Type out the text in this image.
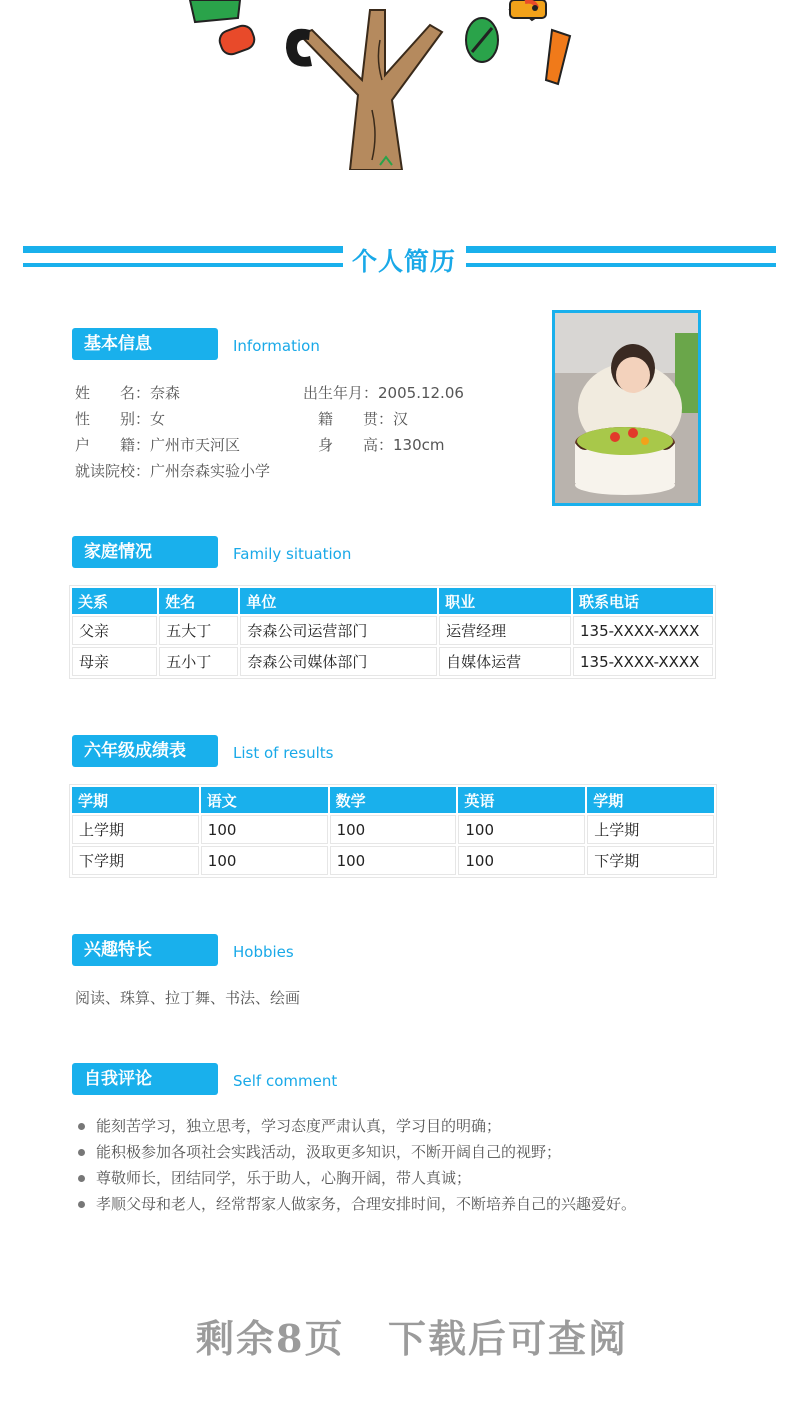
个人简历
基本信息	Information
姓　　名：奈森	出生年月：2005.12.06
性　　别：女	籍　　贯：汉
户　　籍：广州市天河区	身　　高：130cm
就读院校：广州奈森实验小学
家庭情况	Family situation
关系	姓名	单位	职业	联系电话
父亲	五大丁	奈森公司运营部门	运营经理	135-XXXX-XXXX
母亲	五小丁	奈森公司媒体部门	自媒体运营	135-XXXX-XXXX
六年级成绩表	List of results
学期	语文	数学	英语	学期
上学期	100	100	100	上学期
下学期	100	100	100	下学期
兴趣特长	Hobbies
阅读、珠算、拉丁舞、书法、绘画
自我评论	Self comment
能刻苦学习，独立思考，学习态度严肃认真，学习目的明确；
能积极参加各项社会实践活动，汲取更多知识，不断开阔自己的视野；
尊敬师长，团结同学，乐于助人，心胸开阔，带人真诚；
孝顺父母和老人，经常帮家人做家务，合理安排时间，不断培养自己的兴趣爱好。
剩余8页 下载后可查阅
